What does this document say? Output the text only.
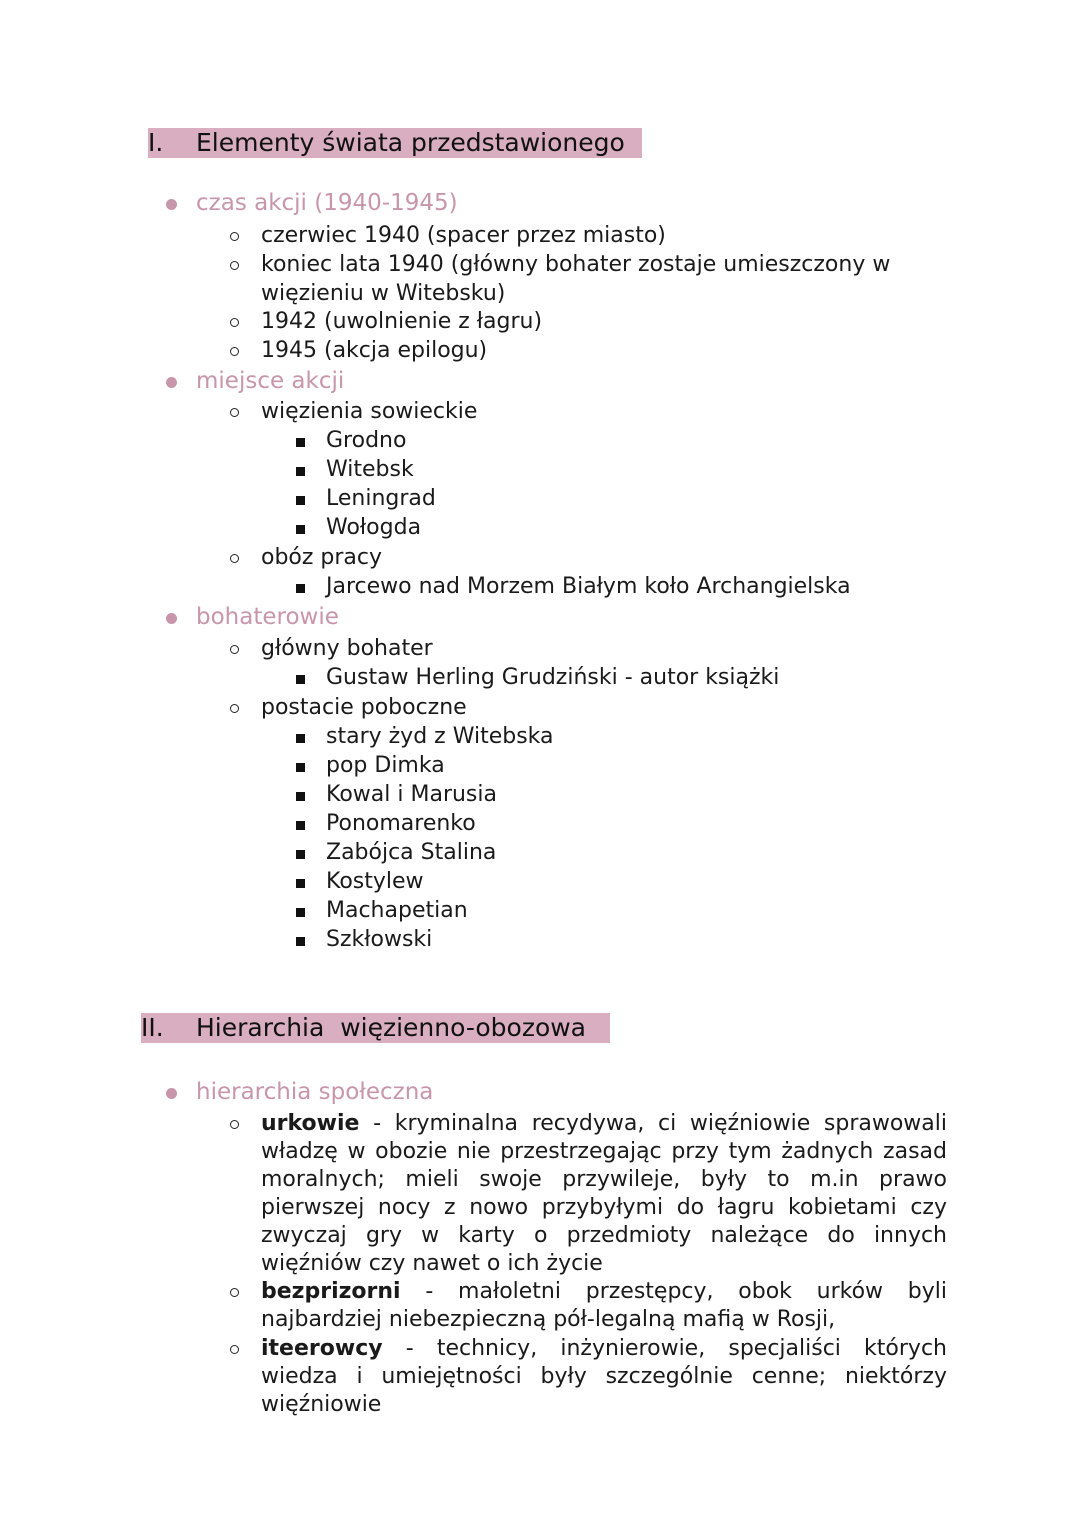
I. Elementy świata przedstawionego
czas akcji (1940-1945)
czerwiec 1940 (spacer przez miasto)
koniec lata 1940 (główny bohater zostaje umieszczony w
więzieniu w Witebsku)
1942 (uwolnienie z łagru)
1945 (akcja epilogu)
miejsce akcji
więzienia sowieckie
Grodno
Witebsk
Leningrad
Wołogda
obóz pracy
Jarcewo nad Morzem Białym koło Archangielska
bohaterowie
główny bohater
Gustaw Herling Grudziński - autor książki
postacie poboczne
stary żyd z Witebska
pop Dimka
Kowal i Marusia
Ponomarenko
Zabójca Stalina
Kostylew
Machapetian
Szkłowski
II. Hierarchia  więzienno-obozowa
hierarchia społeczna
urkowie - kryminalna recydywa, ci więźniowie sprawowali władzę w obozie nie przestrzegając przy tym żadnych zasad moralnych; mieli swoje przywileje, były to m.in prawo pierwszej nocy z nowo przybyłymi do łagru kobietami czy zwyczaj gry w karty o przedmioty należące do innych więźniów czy nawet o ich życie
bezprizorni - małoletni przestępcy, obok urków byli najbardziej niebezpieczną pół-legalną mafią w Rosji,
iteerowcy - technicy, inżynierowie, specjaliści których wiedza i umiejętności były szczególnie cenne; niektórzy więźniowie
